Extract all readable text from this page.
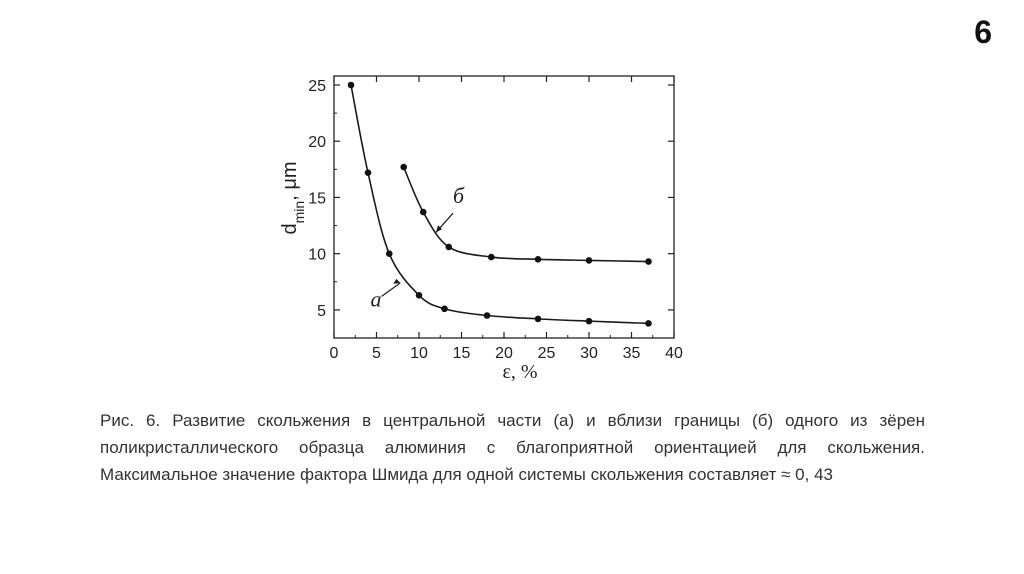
6
0 5 10 15 20 25 30 35 40
5
10
15
20
25
а
б
ε, %
$d_{min}$, μm
Рис. 6. Развитие скольжения в центральной части (а) и вблизи границы (б) одного из зёрен поликристаллического образца алюминия с благоприятной ориентацией для скольжения. Максимальное значение фактора Шмида для одной системы скольжения составляет ≈ 0, 43
